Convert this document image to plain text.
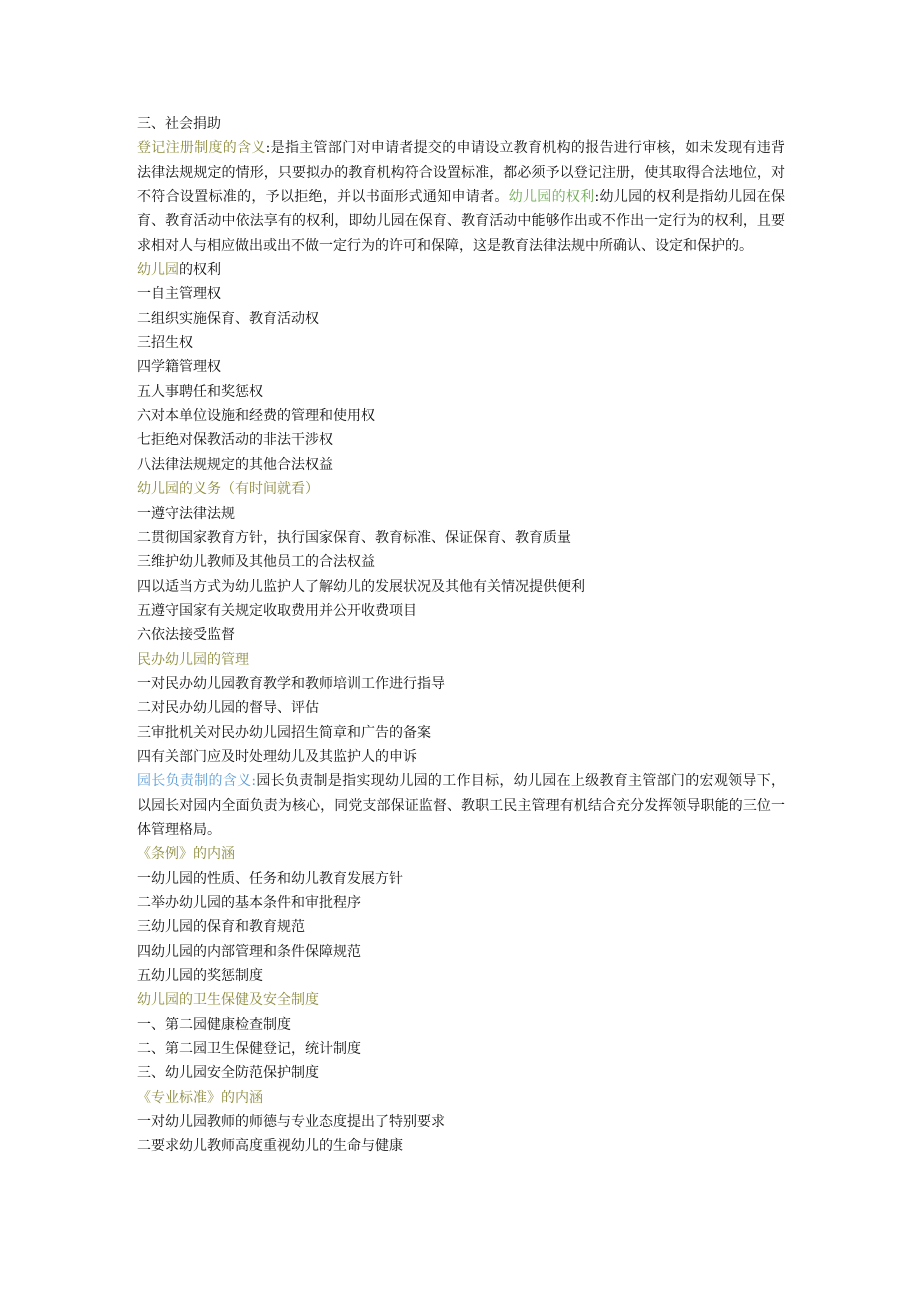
三、社会捐助
登记注册制度的含义:是指主管部门对申请者提交的申请设立教育机构的报告进行审核，如未发现有违背法律法规规定的情形，只要拟办的教育机构符合设置标准，都必须予以登记注册，使其取得合法地位，对不符合设置标准的，予以拒绝，并以书面形式通知申请者。幼儿园的权利:幼儿园的权利是指幼儿园在保育、教育活动中依法享有的权利，即幼儿园在保育、教育活动中能够作出或不作出一定行为的权利，且要求相对人与相应做出或出不做一定行为的许可和保障，这是教育法律法规中所确认、设定和保护的。
幼儿园的权利
一自主管理权
二组织实施保育、教育活动权
三招生权
四学籍管理权
五人事聘任和奖惩权
六对本单位设施和经费的管理和使用权
七拒绝对保教活动的非法干涉权
八法律法规规定的其他合法权益
幼儿园的义务（有时间就看）
一遵守法律法规
二贯彻国家教育方针，执行国家保育、教育标准、保证保育、教育质量
三维护幼儿教师及其他员工的合法权益
四以适当方式为幼儿监护人了解幼儿的发展状况及其他有关情况提供便利
五遵守国家有关规定收取费用并公开收费项目
六依法接受监督
民办幼儿园的管理
一对民办幼儿园教育教学和教师培训工作进行指导
二对民办幼儿园的督导、评估
三审批机关对民办幼儿园招生简章和广告的备案
四有关部门应及时处理幼儿及其监护人的申诉
园长负责制的含义:园长负责制是指实现幼儿园的工作目标，幼儿园在上级教育主管部门的宏观领导下，以园长对园内全面负责为核心，同党支部保证监督、教职工民主管理有机结合充分发挥领导职能的三位一体管理格局。
《条例》的内涵
一幼儿园的性质、任务和幼儿教育发展方针
二举办幼儿园的基本条件和审批程序
三幼儿园的保育和教育规范
四幼儿园的内部管理和条件保障规范
五幼儿园的奖惩制度
幼儿园的卫生保健及安全制度
一、第二园健康检查制度
二、第二园卫生保健登记，统计制度
三、幼儿园安全防范保护制度
《专业标准》的内涵
一对幼儿园教师的师德与专业态度提出了特别要求
二要求幼儿教师高度重视幼儿的生命与健康
